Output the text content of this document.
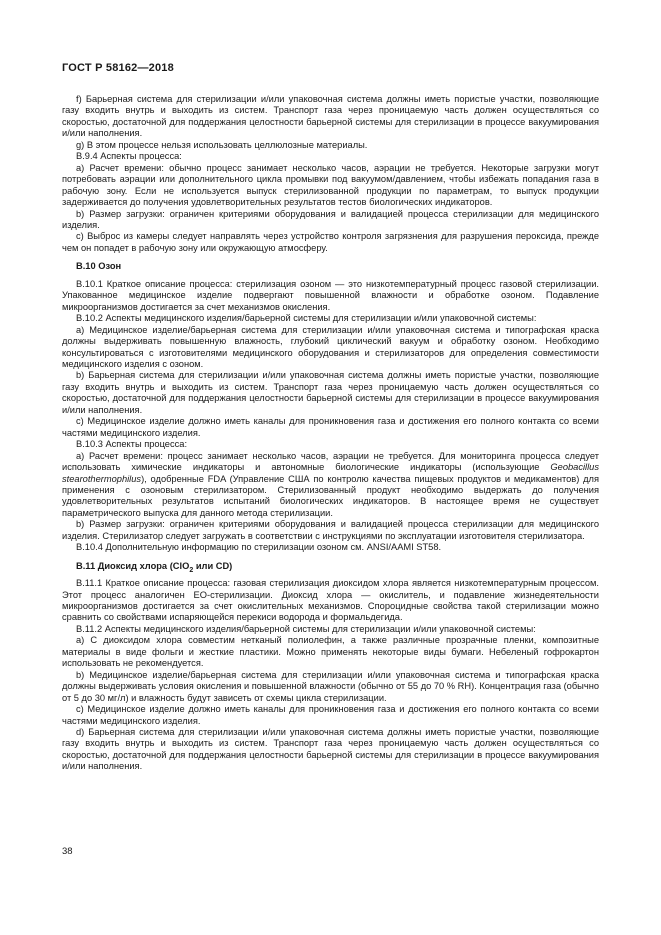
ГОСТ Р 58162—2018

f) Барьерная система для стерилизации и/или упаковочная система должны иметь пористые участки, позволяющие газу входить внутрь и выходить из систем. Транспорт газа через проницаемую часть должен осуществляться со скоростью, достаточной для поддержания целостности барьерной системы для стерилизации в процессе вакуумирования и/или наполнения.

g) В этом процессе нельзя использовать целлюлозные материалы.

B.9.4 Аспекты процесса:

a) Расчет времени: обычно процесс занимает несколько часов, аэрации не требуется. Некоторые загрузки могут потребовать аэрации или дополнительного цикла промывки под вакуумом/давлением, чтобы избежать попадания газа в рабочую зону. Если не используется выпуск стерилизованной продукции по параметрам, то выпуск продукции задерживается до получения удовлетворительных результатов тестов биологических индикаторов.

b) Размер загрузки: ограничен критериями оборудования и валидацией процесса стерилизации для медицинского изделия.

c) Выброс из камеры следует направлять через устройство контроля загрязнения для разрушения пероксида, прежде чем он попадет в рабочую зону или окружающую атмосферу.

B.10 Озон

B.10.1 Краткое описание процесса: стерилизация озоном — это низкотемпературный процесс газовой стерилизации. Упакованное медицинское изделие подвергают повышенной влажности и обработке озоном. Подавление микроорганизмов достигается за счет механизмов окисления.

B.10.2 Аспекты медицинского изделия/барьерной системы для стерилизации и/или упаковочной системы:

a) Медицинское изделие/барьерная система для стерилизации и/или упаковочная система и типографская краска должны выдерживать повышенную влажность, глубокий циклический вакуум и обработку озоном. Необходимо консультироваться с изготовителями медицинского оборудования и стерилизаторов для определения совместимости медицинского изделия с озоном.

b) Барьерная система для стерилизации и/или упаковочная система должны иметь пористые участки, позволяющие газу входить внутрь и выходить из систем. Транспорт газа через проницаемую часть должен осуществляться со скоростью, достаточной для поддержания целостности барьерной системы для стерилизации в процессе вакуумирования и/или наполнения.

c) Медицинское изделие должно иметь каналы для проникновения газа и достижения его полного контакта со всеми частями медицинского изделия.

B.10.3 Аспекты процесса:

a) Расчет времени: процесс занимает несколько часов, аэрации не требуется. Для мониторинга процесса следует использовать химические индикаторы и автономные биологические индикаторы (использующие Geobacillus stearothermophilus), одобренные FDA (Управление США по контролю качества пищевых продуктов и медикаментов) для применения с озоновым стерилизатором. Стерилизованный продукт необходимо выдержать до получения удовлетворительных результатов испытаний биологических индикаторов. В настоящее время не существует параметрического выпуска для данного метода стерилизации.

b) Размер загрузки: ограничен критериями оборудования и валидацией процесса стерилизации для медицинского изделия. Стерилизатор следует загружать в соответствии с инструкциями по эксплуатации изготовителя стерилизатора.

B.10.4 Дополнительную информацию по стерилизации озоном см. ANSI/AAMI ST58.

B.11 Диоксид хлора (ClO$_2$ или CD)

B.11.1 Краткое описание процесса: газовая стерилизация диоксидом хлора является низкотемпературным процессом. Этот процесс аналогичен ЕО-стерилизации. Диоксид хлора — окислитель, и подавление жизнедеятельности микроорганизмов достигается за счет окислительных механизмов. Спороцидные свойства такой стерилизации можно сравнить со свойствами испаряющейся перекиси водорода и формальдегида.

B.11.2 Аспекты медицинского изделия/барьерной системы для стерилизации и/или упаковочной системы:

a) С диоксидом хлора совместим нетканый полиолефин, а также различные прозрачные пленки, композитные материалы в виде фольги и жесткие пластики. Можно применять некоторые виды бумаги. Небеленый гофрокартон использовать не рекомендуется.

b) Медицинское изделие/барьерная система для стерилизации и/или упаковочная система и типографская краска должны выдерживать условия окисления и повышенной влажности (обычно от 55 до 70 % RH). Концентрация газа (обычно от 5 до 30 мг/л) и влажность будут зависеть от схемы цикла стерилизации.

c) Медицинское изделие должно иметь каналы для проникновения газа и достижения его полного контакта со всеми частями медицинского изделия.

d) Барьерная система для стерилизации и/или упаковочная система должны иметь пористые участки, позволяющие газу входить внутрь и выходить из систем. Транспорт газа через проницаемую часть должен осуществляться со скоростью, достаточной для поддержания целостности барьерной системы для стерилизации в процессе вакуумирования и/или наполнения.

38
